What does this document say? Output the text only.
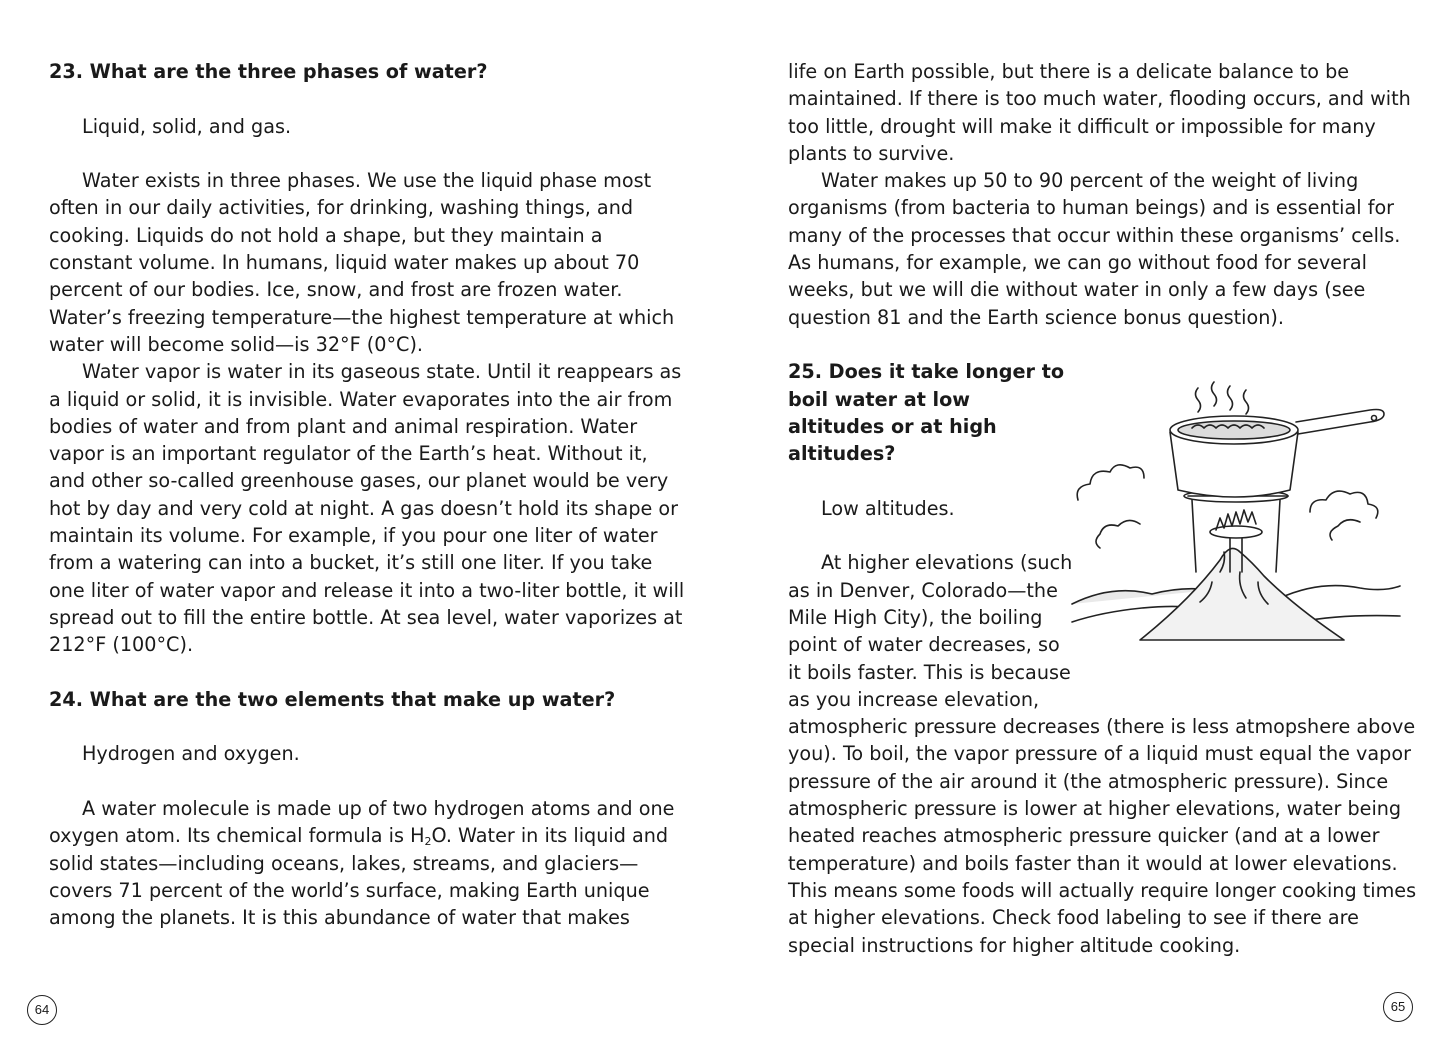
23. What are the three phases of water?

Liquid, solid, and gas.

Water exists in three phases. We use the liquid phase most often in our daily activities, for drinking, washing things, and cooking. Liquids do not hold a shape, but they maintain a constant volume. In humans, liquid water makes up about 70 percent of our bodies. Ice, snow, and frost are frozen water. Water’s freezing temperature—the highest temperature at which water will become solid—is 32°F (0°C).

Water vapor is water in its gaseous state. Until it reappears as a liquid or solid, it is invisible. Water evaporates into the air from bodies of water and from plant and animal respiration. Water vapor is an important regulator of the Earth’s heat. Without it, and other so-called greenhouse gases, our planet would be very hot by day and very cold at night. A gas doesn’t hold its shape or maintain its volume. For example, if you pour one liter of water from a watering can into a bucket, it’s still one liter. If you take one liter of water vapor and release it into a two-liter bottle, it will spread out to fill the entire bottle. At sea level, water vaporizes at 212°F (100°C).

24. What are the two elements that make up water?

Hydrogen and oxygen.

A water molecule is made up of two hydrogen atoms and one oxygen atom. Its chemical formula is $H_2O$. Water in its liquid and solid states—including oceans, lakes, streams, and glaciers—covers 71 percent of the world’s surface, making Earth unique among the planets. It is this abundance of water that makes

64

life on Earth possible, but there is a delicate balance to be maintained. If there is too much water, flooding occurs, and with too little, drought will make it difficult or impossible for many plants to survive.

Water makes up 50 to 90 percent of the weight of living organisms (from bacteria to human beings) and is essential for many of the processes that occur within these organisms’ cells. As humans, for example, we can go without food for several weeks, but we will die without water in only a few days (see question 81 and the Earth science bonus question).

25. Does it take longer to boil water at low altitudes or at high altitudes?

Low altitudes.

At higher elevations (such as in Denver, Colorado—the Mile High City), the boiling point of water decreases, so it boils faster. This is because as you increase elevation,

atmospheric pressure decreases (there is less atmopshere above you). To boil, the vapor pressure of a liquid must equal the vapor pressure of the air around it (the atmospheric pressure). Since atmospheric pressure is lower at higher elevations, water being heated reaches atmospheric pressure quicker (and at a lower temperature) and boils faster than it would at lower elevations. This means some foods will actually require longer cooking times at higher elevations. Check food labeling to see if there are special instructions for higher altitude cooking.

65
